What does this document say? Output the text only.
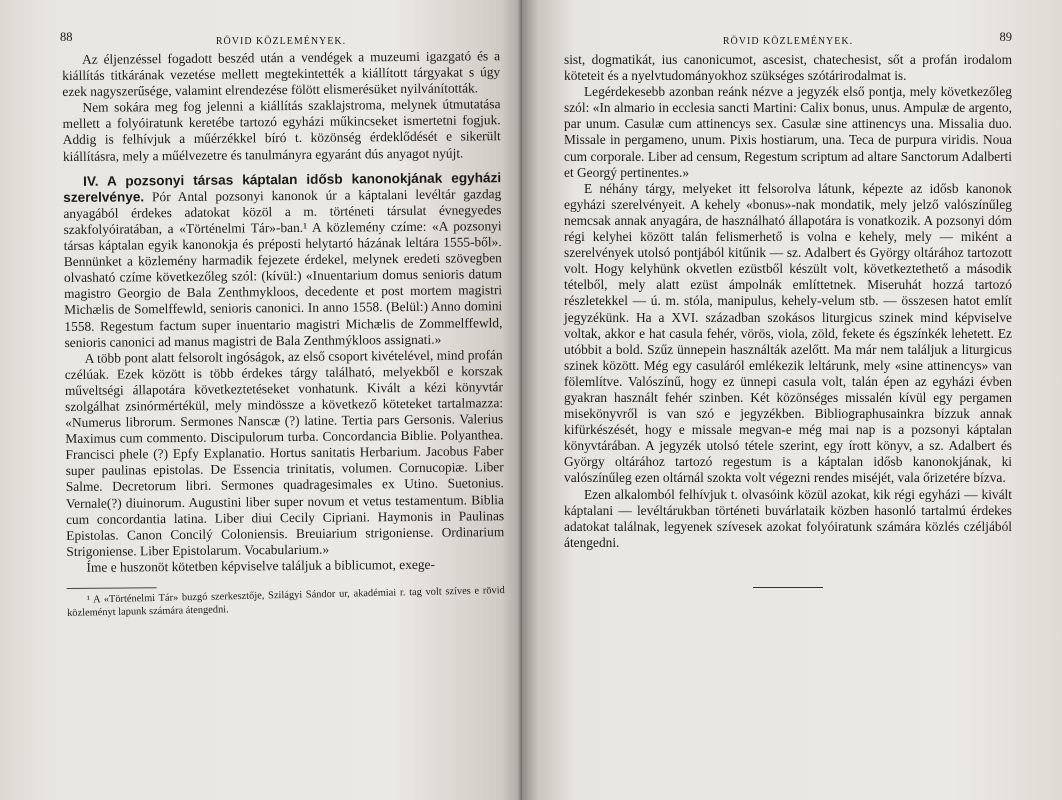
88	RÖVID KÖZLEMÉNYEK.

Az éljenzéssel fogadott beszéd után a vendégek a muzeumi igazgató és a kiállítás titkárának vezetése mellett megtekintették a kiállított tárgyakat s úgy ezek nagyszerűsége, valamint elrendezése fölött elismerésüket nyilvánították.

Nem sokára meg fog jelenni a kiállítás szaklajstroma, melynek útmutatása mellett a folyóiratunk keretébe tartozó egyházi műkincseket ismertetni fogjuk. Addig is felhívjuk a műérzékkel bíró t. közönség érdeklődését e sikerült kiállításra, mely a műélvezetre és tanulmányra egyaránt dús anyagot nyújt.

IV. A pozsonyi társas káptalan idősb kanonokjának egyházi szerelvénye. Pór Antal pozsonyi kanonok úr a káptalani levéltár gazdag anyagából érdekes adatokat közöl a m. történeti társulat évnegyedes szakfolyóiratában, a «Történelmi Tár»-ban.¹ A közlemény czíme: «A pozsonyi társas káptalan egyik kanonokja és préposti helytartó házának leltára 1555-ből». Bennünket a közlemény harmadik fejezete érdekel, melynek eredeti szövegben olvasható czíme következőleg szól: (kívül:) «Inuentarium domus senioris datum magistro Georgio de Bala Zenthmykloos, decedente et post mortem magistri Michælis de Somelffewld, senioris canonici. In anno 1558. (Belül:) Anno domini 1558. Regestum factum super inuentario magistri Michælis de Zommelffewld, senioris canonici ad manus magistri de Bala Zenthmýkloos assignati.»

A több pont alatt felsorolt ingóságok, az első csoport kivételével, mind profán czélúak. Ezek között is több érdekes tárgy található, melyekből e korszak műveltségi állapotára következtetéseket vonhatunk. Kivált a kézi könyvtár szolgálhat zsinórmértékül, mely mindössze a következő köteteket tartalmazza: «Numerus librorum. Sermones Nanscæ (?) latine. Tertia pars Gersonis. Valerius Maximus cum commento. Discipulorum turba. Concordancia Biblie. Polyanthea. Francisci phele (?) Epfy Explanatio. Hortus sanitatis Herbarium. Jacobus Faber super paulinas epistolas. De Essencia trinitatis, volumen. Cornucopiæ. Liber Salme. Decretorum libri. Sermones quadragesimales ex Utino. Suetonius. Vernale(?) diuinorum. Augustini liber super novum et vetus testamentum. Biblia cum concordantia latina. Liber diui Cecily Cipriani. Haymonis in Paulinas Epistolas. Canon Concilý Coloniensis. Breuiarium strigoniense. Ordinarium Strigoniense. Liber Epistolarum. Vocabularium.»

Íme e huszonöt kötetben képviselve találjuk a biblicumot, exege-

¹ A «Történelmi Tár» buzgó szerkesztője, Szilágyi Sándor ur, akadémiai r. tag volt szíves e rövid közleményt lapunk számára átengedni.

RÖVID KÖZLEMÉNYEK.	89

sist, dogmatikát, ius canonicumot, ascesist, chatechesist, sőt a profán irodalom köteteit és a nyelvtudományokhoz szükséges szótárirodalmat is.

Legérdekesebb azonban reánk nézve a jegyzék első pontja, mely következőleg szól: «In almario in ecclesia sancti Martini: Calix bonus, unus. Ampulæ de argento, par unum. Casulæ cum attinencys sex. Casulæ sine attinencys una. Missalia duo. Missale in pergameno, unum. Pixis hostiarum, una. Teca de purpura viridis. Noua cum corporale. Liber ad censum, Regestum scriptum ad altare Sanctorum Adalberti et Georgý pertinentes.»

E néhány tárgy, melyeket itt felsorolva látunk, képezte az idősb kanonok egyházi szerelvényeit. A kehely «bonus»-nak mondatik, mely jelző valószínűleg nemcsak annak anyagára, de használható állapotára is vonatkozik. A pozsonyi dóm régi kelyhei között talán felismerhető is volna e kehely, mely — miként a szerelvények utolsó pontjából kitűnik — sz. Adalbert és György oltárához tartozott volt. Hogy kelyhünk okvetlen ezüstből készült volt, következtethető a második tételből, mely alatt ezüst ámpolnák említtetnek. Miseruhát hozzá tartozó részletekkel — ú. m. stóla, manipulus, kehely-velum stb. — összesen hatot említ jegyzékünk. Ha a XVI. században szokásos liturgicus szinek mind képviselve voltak, akkor e hat casula fehér, vörös, viola, zöld, fekete és égszínkék lehetett. Ez utóbbit a bold. Szűz ünnepein használták azelőtt. Ma már nem találjuk a liturgicus szinek között. Még egy casuláról emlékezik leltárunk, mely «sine attinencys» van fölemlítve. Valószínű, hogy ez ünnepi casula volt, talán épen az egyházi évben gyakran használt fehér szinben. Két közönséges missalén kívül egy pergamen misekönyvről is van szó e jegyzékben. Bibliographusainkra bízzuk annak kifürkészését, hogy e missale megvan-e még mai nap is a pozsonyi káptalan könyvtárában. A jegyzék utolsó tétele szerint, egy írott könyv, a sz. Adalbert és György oltárához tartozó regestum is a káptalan idősb kanonokjának, ki valószínűleg ezen oltárnál szokta volt végezni rendes miséjét, vala őrizetére bízva.

Ezen alkalomból felhívjuk t. olvasóink közül azokat, kik régi egyházi — kivált káptalani — levéltárukban történeti buvárlataik közben hasonló tartalmú érdekes adatokat találnak, legyenek szívesek azokat folyóiratunk számára közlés czéljából átengedni.
